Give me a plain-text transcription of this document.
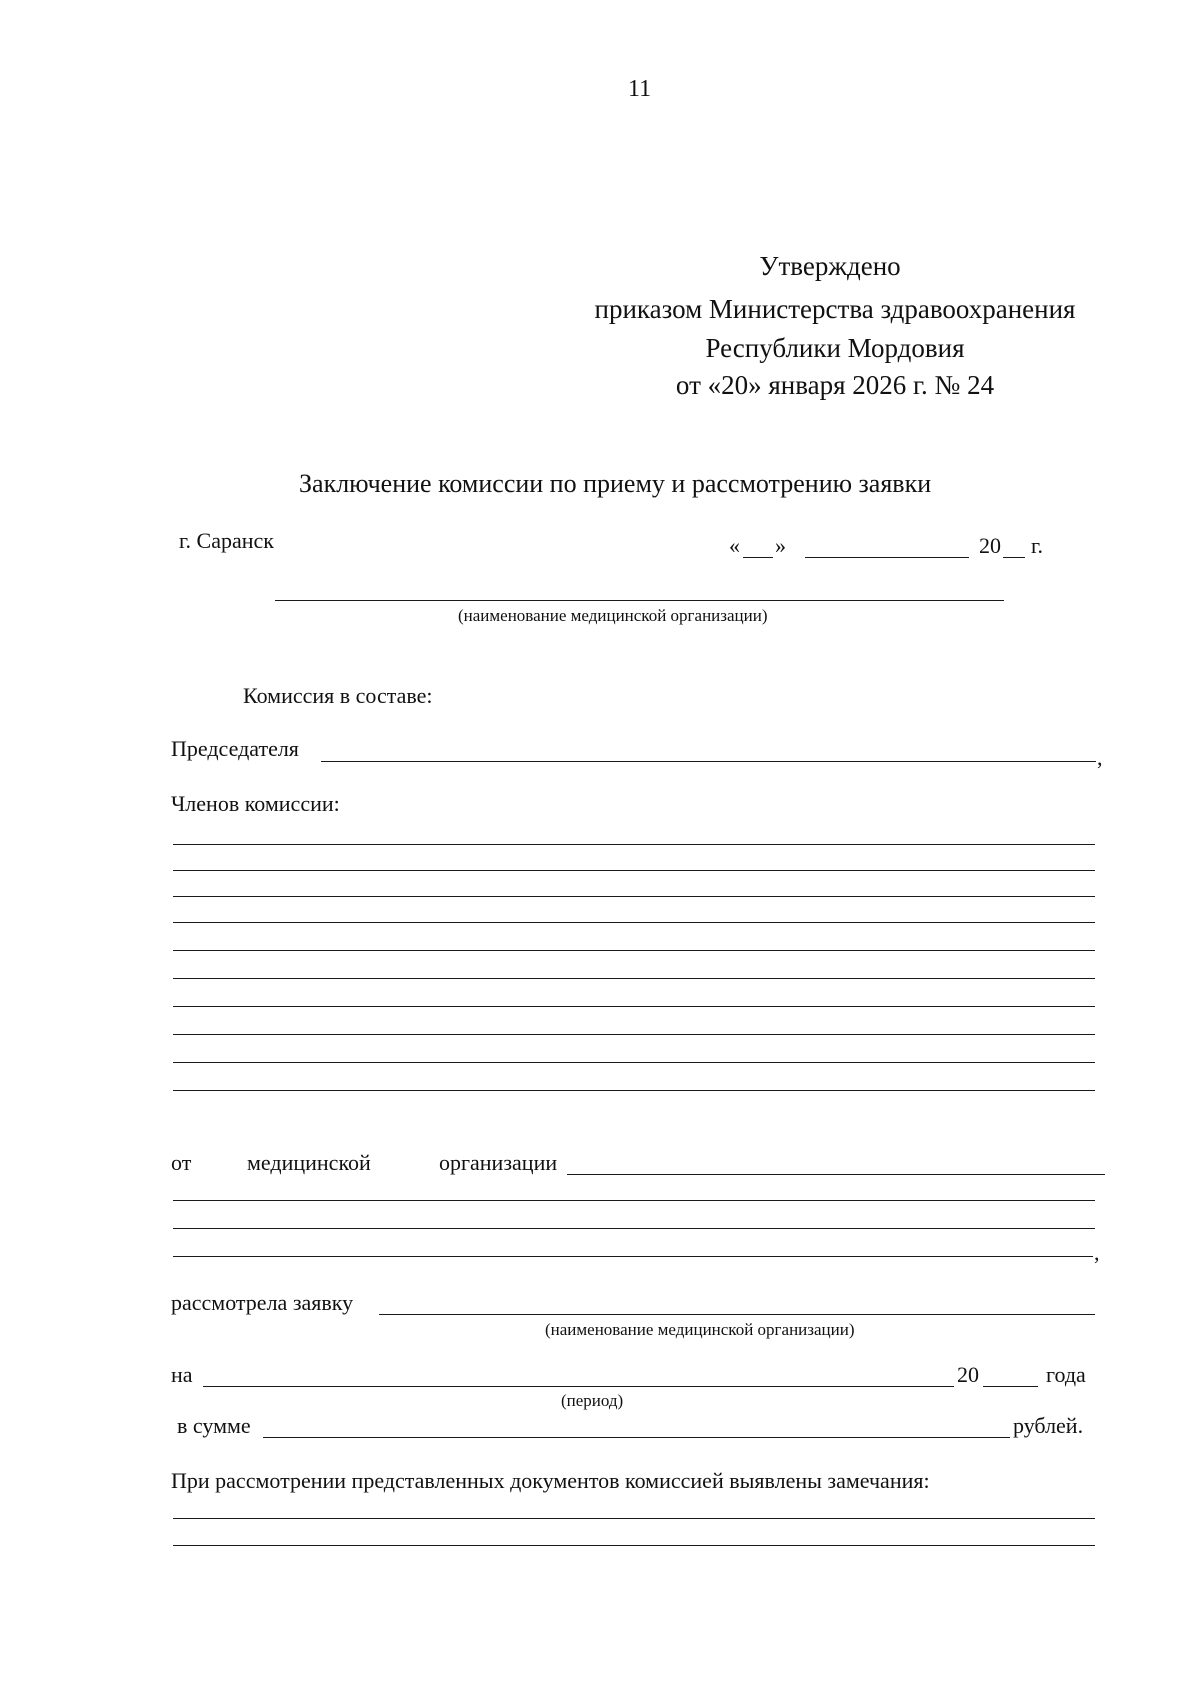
11
Утверждено
приказом Министерства здравоохранения
Республики Мордовия
от «20» января 2026 г. № 24
Заключение комиссии по приему и рассмотрению заявки
г. Саранск	« »	20 г.
(наименование медицинской организации)
Комиссия в составе:
Председателя	,
Членов комиссии:
от	медицинской	организации
,
рассмотрела заявку
(наименование медицинской организации)
на	20	года
(период)
в сумме	рублей.
При рассмотрении представленных документов комиссией выявлены замечания:
